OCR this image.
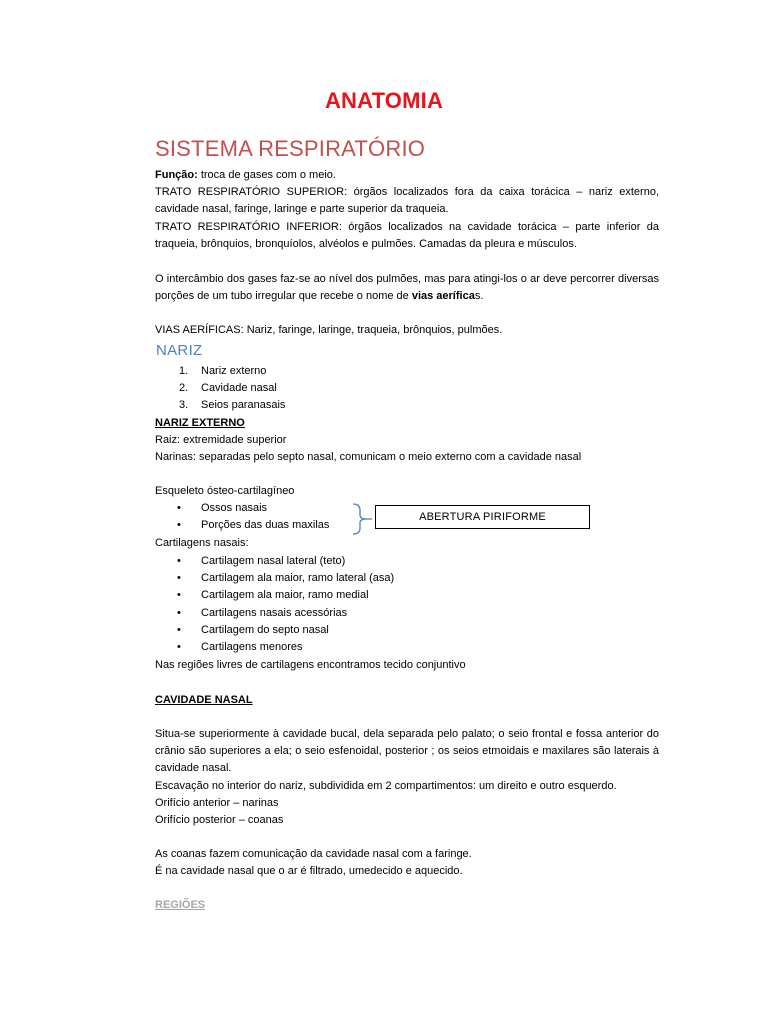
ANATOMIA
SISTEMA RESPIRATÓRIO

Função: troca de gases com o meio.

TRATO RESPIRATÓRIO SUPERIOR: órgãos localizados fora da caixa torácica – nariz externo, cavidade nasal, faringe, laringe e parte superior da traqueia.

TRATO RESPIRATÓRIO INFERIOR: órgãos localizados na cavidade torácica – parte inferior da traqueia, brônquios, bronquíolos, alvéolos e pulmões. Camadas da pleura e músculos.

O intercâmbio dos gases faz-se ao nível dos pulmões, mas para atingi-los o ar deve percorrer diversas porções de um tubo irregular que recebe o nome de vias aeríficas.

VIAS AERÍFICAS: Nariz, faringe, laringe, traqueia, brônquios, pulmões.

NARIZ
1. Nariz externo
2. Cavidade nasal
3. Seios paranasais

NARIZ EXTERNO

Raiz: extremidade superior

Narinas: separadas pelo septo nasal, comunicam o meio externo com a cavidade nasal

Esqueleto ósteo-cartilagíneo

• Ossos nasais
• Porções das duas maxilas
ABERTURA PIRIFORME

Cartilagens nasais:

• Cartilagem nasal lateral (teto)
• Cartilagem ala maior, ramo lateral (asa)
• Cartilagem ala maior, ramo medial
• Cartilagens nasais acessórias
• Cartilagem do septo nasal
• Cartilagens menores

Nas regiões livres de cartilagens encontramos tecido conjuntivo

CAVIDADE NASAL

Situa-se superiormente à cavidade bucal, dela separada pelo palato; o seio frontal e fossa anterior do crânio são superiores a ela; o seio esfenoidal, posterior ; os seios etmoidais e maxilares são laterais à cavidade nasal.

Escavação no interior do nariz, subdividida em 2 compartimentos: um direito e outro esquerdo.

Orifício anterior – narinas

Orifício posterior – coanas

As coanas fazem comunicação da cavidade nasal com a faringe.

É na cavidade nasal que o ar é filtrado, umedecido e aquecido.

REGIÕES
